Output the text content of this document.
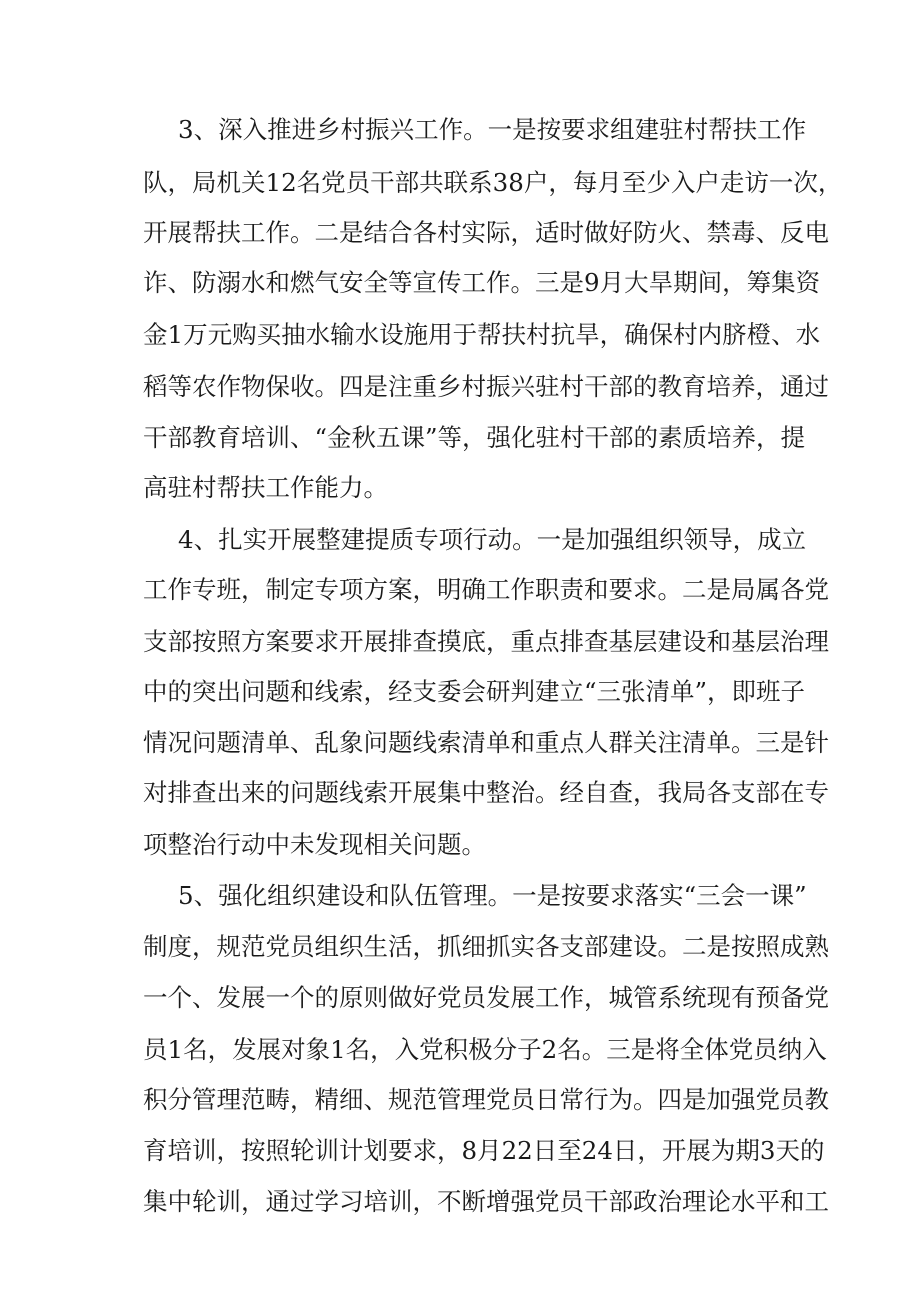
3、深入推进乡村振兴工作。一是按要求组建驻村帮扶工作

队，局机关12名党员干部共联系38户，每月至少入户走访一次，

开展帮扶工作。二是结合各村实际，适时做好防火、禁毒、反电

诈、防溺水和燃气安全等宣传工作。三是9月大旱期间，筹集资

金1万元购买抽水输水设施用于帮扶村抗旱，确保村内脐橙、水

稻等农作物保收。四是注重乡村振兴驻村干部的教育培养，通过

干部教育培训、“金秋五课”等，强化驻村干部的素质培养，提

高驻村帮扶工作能力。

4、扎实开展整建提质专项行动。一是加强组织领导，成立

工作专班，制定专项方案，明确工作职责和要求。二是局属各党

支部按照方案要求开展排查摸底，重点排查基层建设和基层治理

中的突出问题和线索，经支委会研判建立“三张清单”，即班子

情况问题清单、乱象问题线索清单和重点人群关注清单。三是针

对排查出来的问题线索开展集中整治。经自查，我局各支部在专

项整治行动中未发现相关问题。

5、强化组织建设和队伍管理。一是按要求落实“三会一课”

制度，规范党员组织生活，抓细抓实各支部建设。二是按照成熟

一个、发展一个的原则做好党员发展工作，城管系统现有预备党

员1名，发展对象1名，入党积极分子2名。三是将全体党员纳入

积分管理范畴，精细、规范管理党员日常行为。四是加强党员教

育培训，按照轮训计划要求，8月22日至24日，开展为期3天的

集中轮训，通过学习培训，不断增强党员干部政治理论水平和工
